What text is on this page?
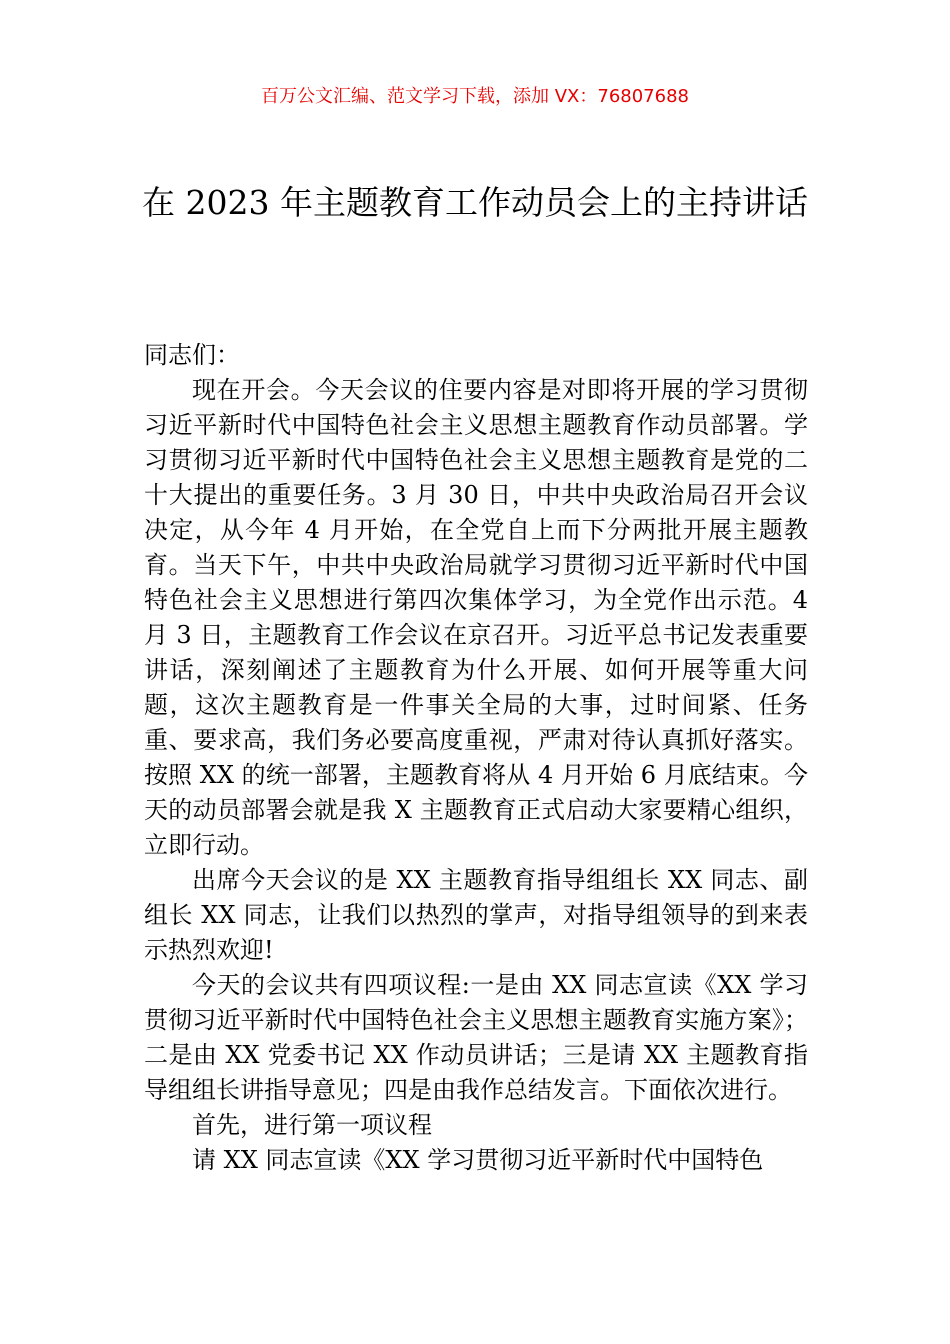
百万公文汇编、范文学习下载，添加 VX：76807688
在 2023 年主题教育工作动员会上的主持讲话

同志们：

现在开会。今天会议的住要内容是对即将开展的学习贯彻习近平新时代中国特色社会主义思想主题教育作动员部署。学习贯彻习近平新时代中国特色社会主义思想主题教育是党的二十大提出的重要任务。3 月 30 日，中共中央政治局召开会议决定，从今年 4 月开始，在全党自上而下分两批开展主题教育。当天下午，中共中央政治局就学习贯彻习近平新时代中国特色社会主义思想进行第四次集体学习，为全党作出示范。4 月 3 日，主题教育工作会议在京召开。习近平总书记发表重要讲话，深刻阐述了主题教育为什么开展、如何开展等重大问题，这次主题教育是一件事关全局的大事，过时间紧、任务重、要求高，我们务必要高度重视，严肃对待认真抓好落实。按照 XX 的统一部署，主题教育将从 4 月开始 6 月底结束。今天的动员部署会就是我 X 主题教育正式启动大家要精心组织，立即行动。

出席今天会议的是 XX 主题教育指导组组长 XX 同志、副组长 XX 同志，让我们以热烈的掌声，对指导组领导的到来表示热烈欢迎!

今天的会议共有四项议程:一是由 XX 同志宣读《XX 学习贯彻习近平新时代中国特色社会主义思想主题教育实施方案》；二是由 XX 党委书记 XX 作动员讲话；三是请 XX 主题教育指导组组长讲指导意见；四是由我作总结发言。下面依次进行。

首先，进行第一项议程

请 XX 同志宣读《XX 学习贯彻习近平新时代中国特色
